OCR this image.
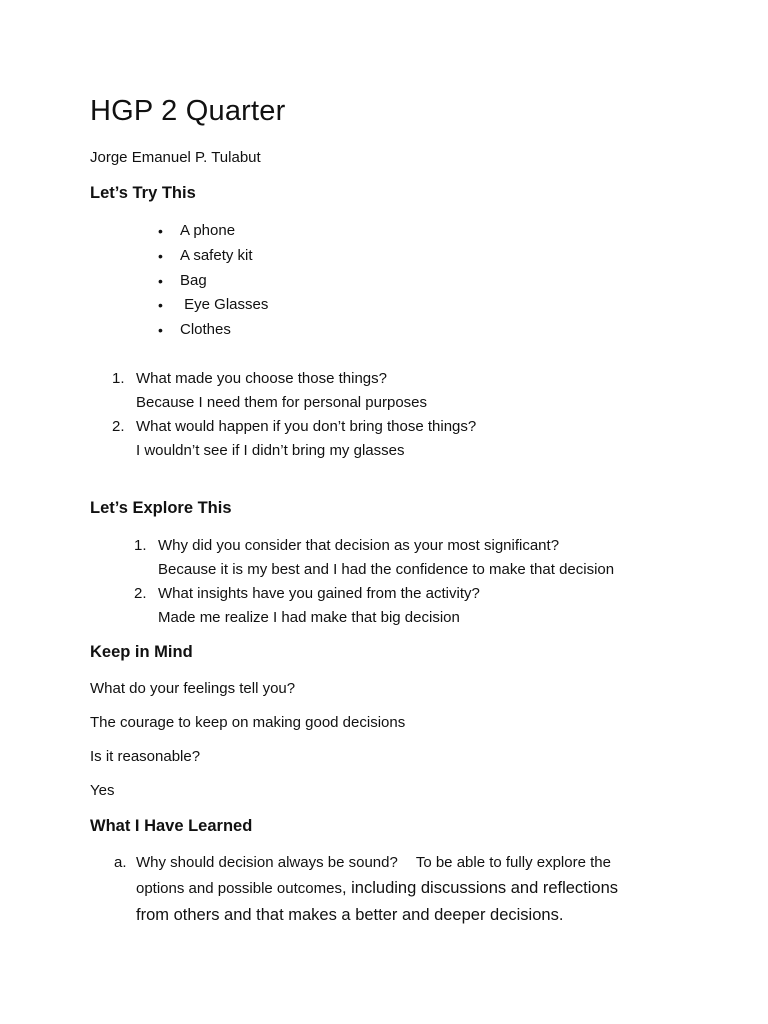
HGP 2 Quarter
Jorge Emanuel P. Tulabut
Let’s Try This
• A phone
• A safety kit
• Bag
• Eye Glasses
• Clothes
1. What made you choose those things?
Because I need them for personal purposes
2. What would happen if you don’t bring those things?
I wouldn’t see if I didn’t bring my glasses
Let’s Explore This
1. Why did you consider that decision as your most significant?
Because it is my best and I had the confidence to make that decision
2. What insights have you gained from the activity?
Made me realize I had make that big decision
Keep in Mind
What do your feelings tell you?
The courage to keep on making good decisions
Is it reasonable?
Yes
What I Have Learned
a. Why should decision always be sound? To be able to fully explore the
options and possible outcomes, including discussions and reflections
from others and that makes a better and deeper decisions.
